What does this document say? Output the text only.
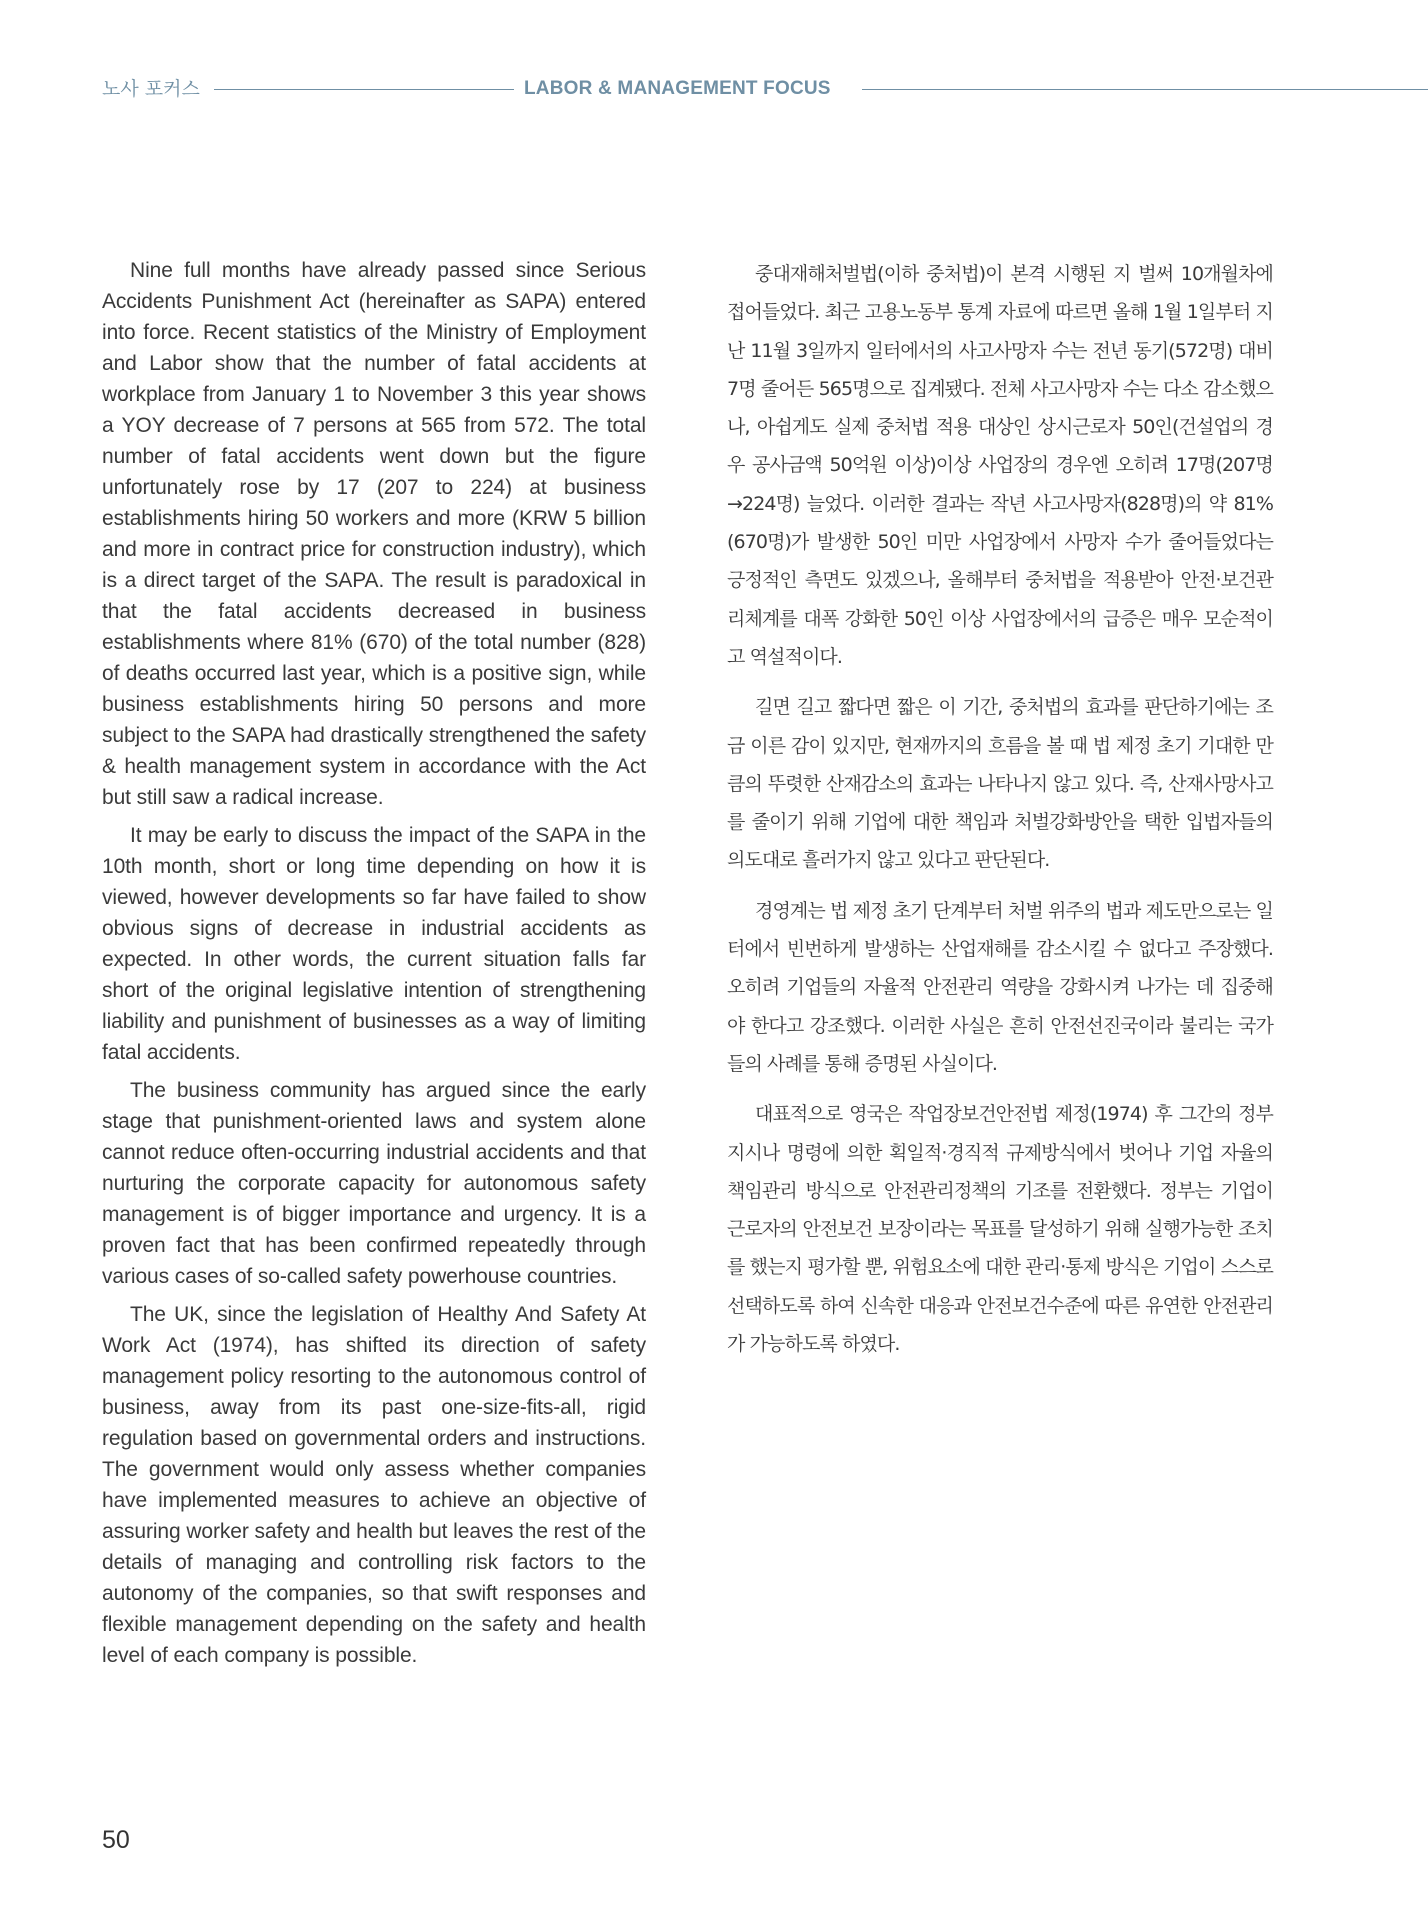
노사 포커스	LABOR & MANAGEMENT FOCUS

Nine full months have already passed since Serious Accidents Punishment Act (hereinafter as SAPA) entered into force. Recent statistics of the Ministry of Employment and Labor show that the number of fatal accidents at workplace from January 1 to November 3 this year shows a YOY decrease of 7 persons at 565 from 572. The total number of fatal accidents went down but the figure unfortunately rose by 17 (207 to 224) at business establishments hiring 50 workers and more (KRW 5 billion and more in contract price for construction industry), which is a direct target of the SAPA. The result is paradoxical in that the fatal accidents decreased in business establishments where 81% (670) of the total number (828) of deaths occurred last year, which is a positive sign, while business establishments hiring 50 persons and more subject to the SAPA had drastically strengthened the safety & health management system in accordance with the Act but still saw a radical increase.

It may be early to discuss the impact of the SAPA in the 10th month, short or long time depending on how it is viewed, however developments so far have failed to show obvious signs of decrease in industrial accidents as expected. In other words, the current situation falls far short of the original legislative intention of strengthening liability and punishment of businesses as a way of limiting fatal accidents.

The business community has argued since the early stage that punishment-oriented laws and system alone cannot reduce often-occurring industrial accidents and that nurturing the corporate capacity for autonomous safety management is of bigger importance and urgency. It is a proven fact that has been confirmed repeatedly through various cases of so-called safety powerhouse countries.

The UK, since the legislation of Healthy And Safety At Work Act (1974), has shifted its direction of safety management policy resorting to the autonomous control of business, away from its past one-size-fits-all, rigid regulation based on governmental orders and instructions. The government would only assess whether companies have implemented measures to achieve an objective of assuring worker safety and health but leaves the rest of the details of managing and controlling risk factors to the autonomy of the companies, so that swift responses and flexible management depending on the safety and health level of each company is possible.

중대재해처벌법(이하 중처법)이 본격 시행된 지 벌써 10개월차에 접어들었다. 최근 고용노동부 통계 자료에 따르면 올해 1월 1일부터 지난 11월 3일까지 일터에서의 사고사망자 수는 전년 동기(572명) 대비 7명 줄어든 565명으로 집계됐다. 전체 사고사망자 수는 다소 감소했으나, 아쉽게도 실제 중처법 적용 대상인 상시근로자 50인(건설업의 경우 공사금액 50억원 이상)이상 사업장의 경우엔 오히려 17명(207명→224명) 늘었다. 이러한 결과는 작년 사고사망자(828명)의 약 81%(670명)가 발생한 50인 미만 사업장에서 사망자 수가 줄어들었다는 긍정적인 측면도 있겠으나, 올해부터 중처법을 적용받아 안전·보건관리체계를 대폭 강화한 50인 이상 사업장에서의 급증은 매우 모순적이고 역설적이다.

길면 길고 짧다면 짧은 이 기간, 중처법의 효과를 판단하기에는 조금 이른 감이 있지만, 현재까지의 흐름을 볼 때 법 제정 초기 기대한 만큼의 뚜렷한 산재감소의 효과는 나타나지 않고 있다. 즉, 산재사망사고를 줄이기 위해 기업에 대한 책임과 처벌강화방안을 택한 입법자들의 의도대로 흘러가지 않고 있다고 판단된다.

경영계는 법 제정 초기 단계부터 처벌 위주의 법과 제도만으로는 일터에서 빈번하게 발생하는 산업재해를 감소시킬 수 없다고 주장했다. 오히려 기업들의 자율적 안전관리 역량을 강화시켜 나가는 데 집중해야 한다고 강조했다. 이러한 사실은 흔히 안전선진국이라 불리는 국가들의 사례를 통해 증명된 사실이다.

대표적으로 영국은 작업장보건안전법 제정(1974) 후 그간의 정부 지시나 명령에 의한 획일적·경직적 규제방식에서 벗어나 기업 자율의 책임관리 방식으로 안전관리정책의 기조를 전환했다. 정부는 기업이 근로자의 안전보건 보장이라는 목표를 달성하기 위해 실행가능한 조치를 했는지 평가할 뿐, 위험요소에 대한 관리·통제 방식은 기업이 스스로 선택하도록 하여 신속한 대응과 안전보건수준에 따른 유연한 안전관리가 가능하도록 하였다.

50
